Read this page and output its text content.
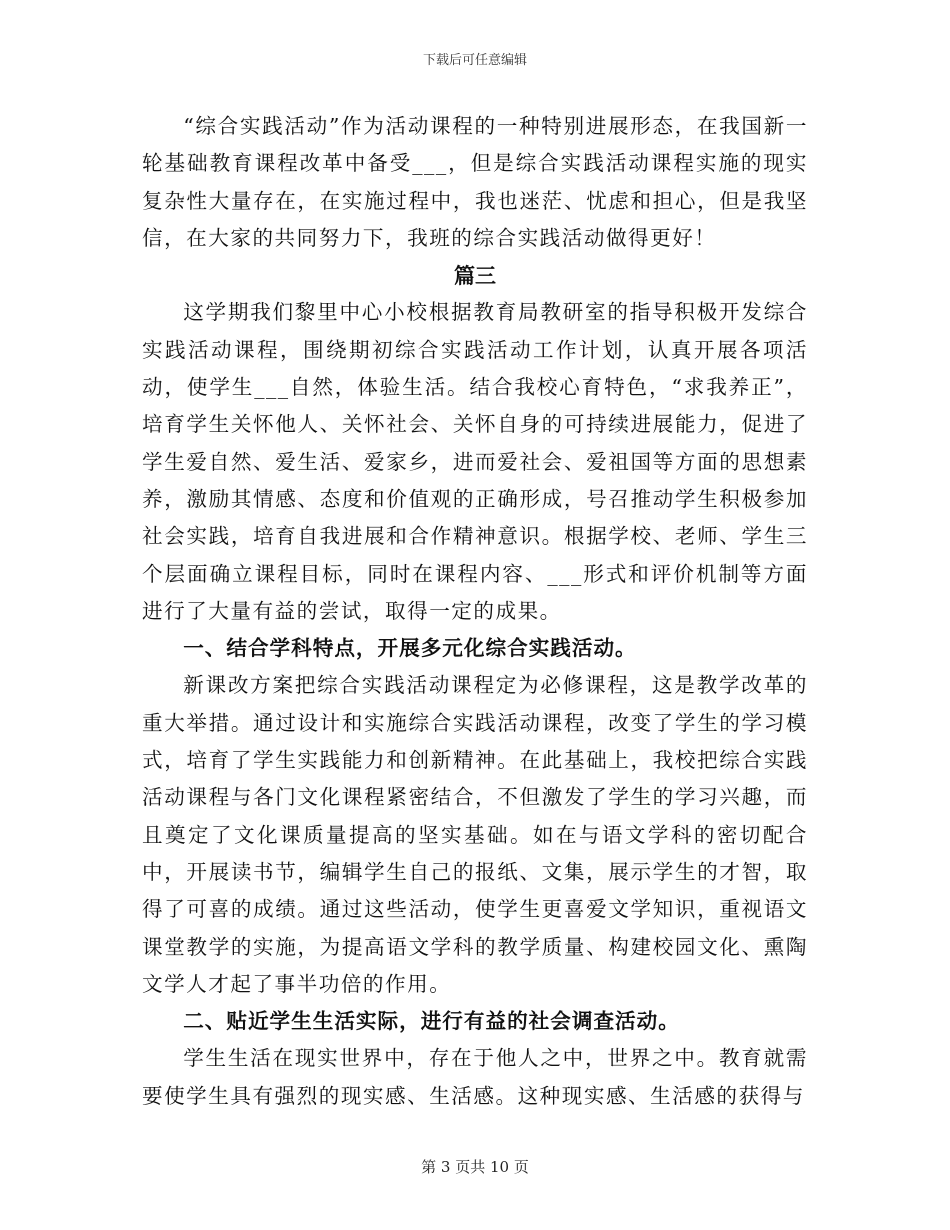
下载后可任意编辑

“综合实践活动”作为活动课程的一种特别进展形态，在我国新一轮基础教育课程改革中备受___，但是综合实践活动课程实施的现实复杂性大量存在，在实施过程中，我也迷茫、忧虑和担心，但是我坚信，在大家的共同努力下，我班的综合实践活动做得更好！

篇三

这学期我们黎里中心小校根据教育局教研室的指导积极开发综合实践活动课程，围绕期初综合实践活动工作计划，认真开展各项活动，使学生___自然，体验生活。结合我校心育特色，“求我养正”，培育学生关怀他人、关怀社会、关怀自身的可持续进展能力，促进了学生爱自然、爱生活、爱家乡，进而爱社会、爱祖国等方面的思想素养，激励其情感、态度和价值观的正确形成，号召推动学生积极参加社会实践，培育自我进展和合作精神意识。根据学校、老师、学生三个层面确立课程目标，同时在课程内容、___形式和评价机制等方面进行了大量有益的尝试，取得一定的成果。

一、结合学科特点，开展多元化综合实践活动。

新课改方案把综合实践活动课程定为必修课程，这是教学改革的重大举措。通过设计和实施综合实践活动课程，改变了学生的学习模式，培育了学生实践能力和创新精神。在此基础上，我校把综合实践活动课程与各门文化课程紧密结合，不但激发了学生的学习兴趣，而且奠定了文化课质量提高的坚实基础。如在与语文学科的密切配合中，开展读书节，编辑学生自己的报纸、文集，展示学生的才智，取得了可喜的成绩。通过这些活动，使学生更喜爱文学知识，重视语文课堂教学的实施，为提高语文学科的教学质量、构建校园文化、熏陶文学人才起了事半功倍的作用。

二、贴近学生生活实际，进行有益的社会调查活动。

学生生活在现实世界中，存在于他人之中，世界之中。教育就需要使学生具有强烈的现实感、生活感。这种现实感、生活感的获得与

第 3 页共 10 页
